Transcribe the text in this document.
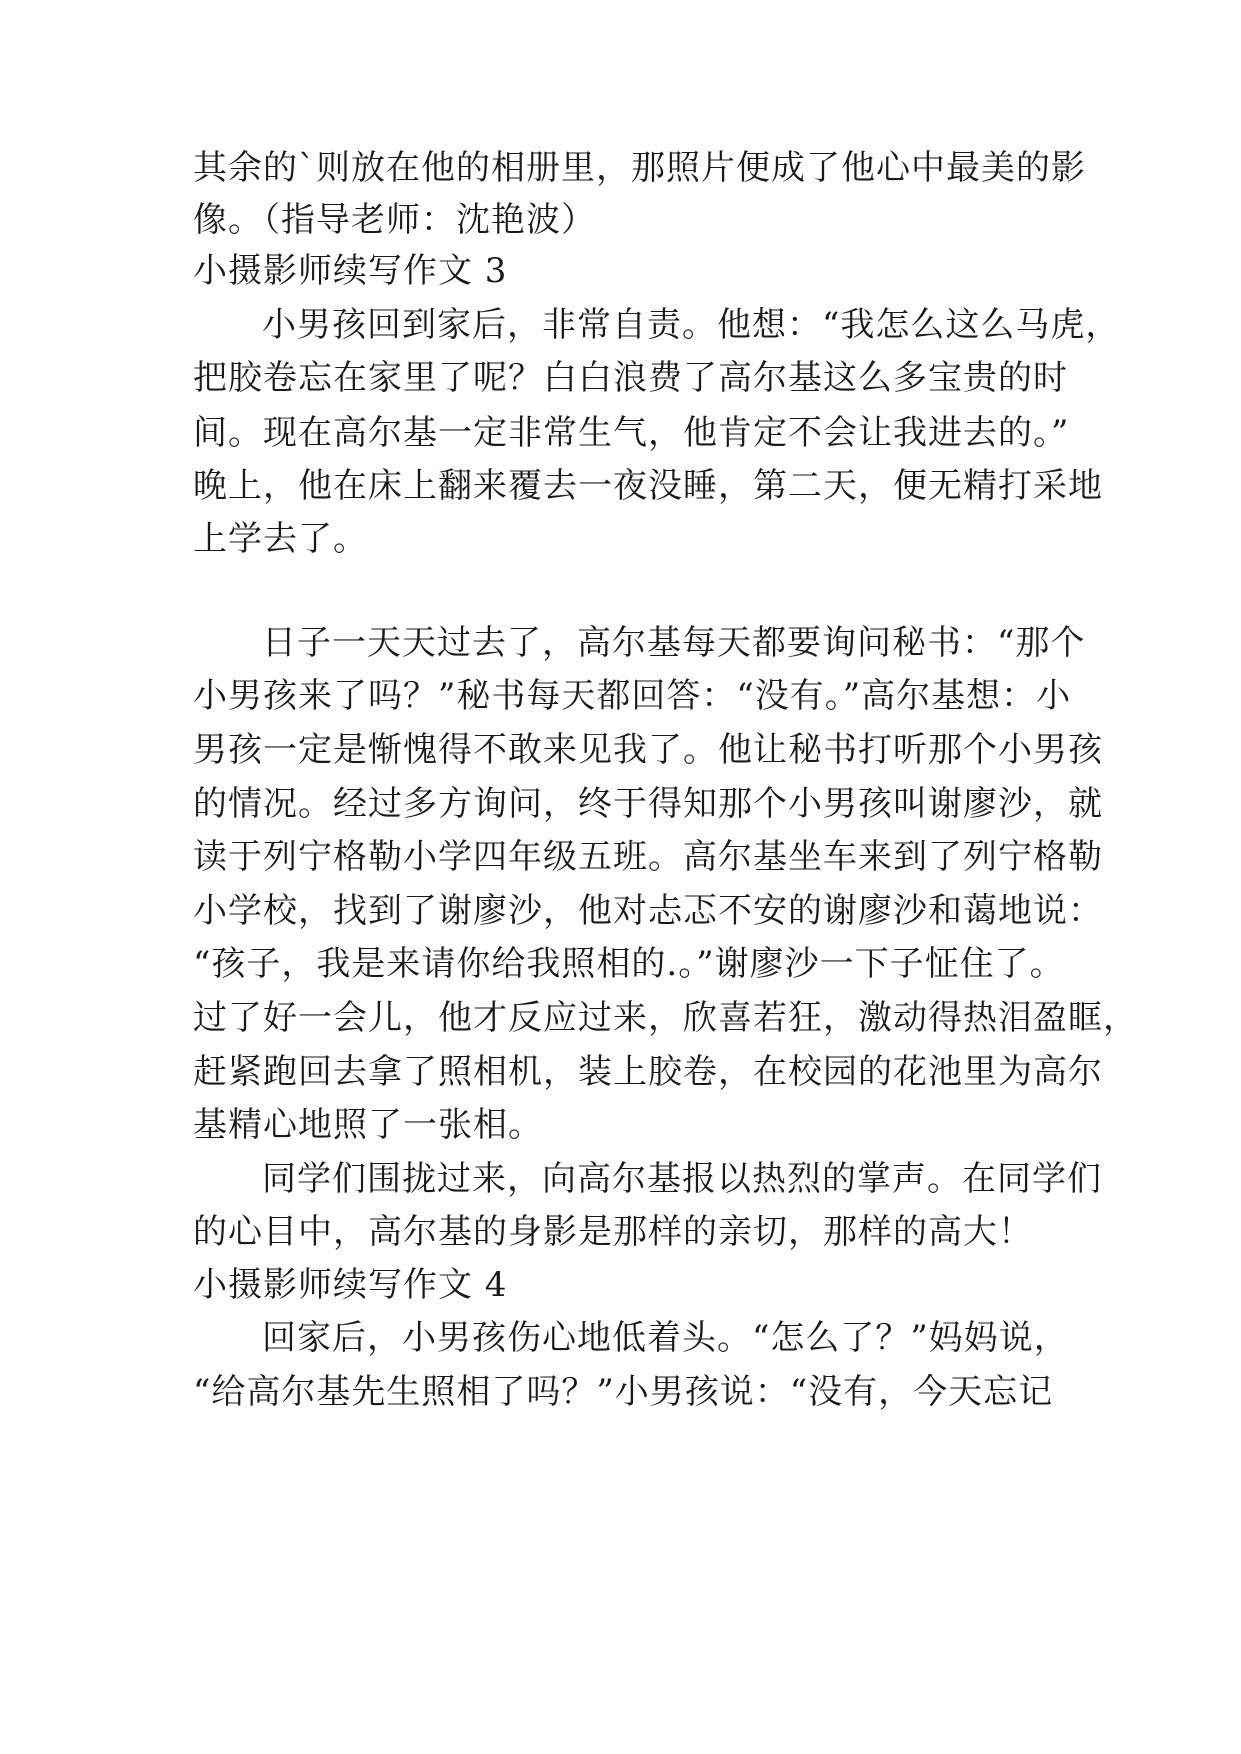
其余的`则放在他的相册里，那照片便成了他心中最美的影
像。（指导老师：沈艳波）
小摄影师续写作文 3
小男孩回到家后，非常自责。他想：“我怎么这么马虎，
把胶卷忘在家里了呢？白白浪费了高尔基这么多宝贵的时
间。现在高尔基一定非常生气，他肯定不会让我进去的。”
晚上，他在床上翻来覆去一夜没睡，第二天，便无精打采地
上学去了。
日子一天天过去了，高尔基每天都要询问秘书：“那个
小男孩来了吗？”秘书每天都回答：“没有。”高尔基想：小
男孩一定是惭愧得不敢来见我了。他让秘书打听那个小男孩
的情况。经过多方询问，终于得知那个小男孩叫谢廖沙，就
读于列宁格勒小学四年级五班。高尔基坐车来到了列宁格勒
小学校，找到了谢廖沙，他对忐忑不安的谢廖沙和蔼地说：
“孩子，我是来请你给我照相的.。”谢廖沙一下子怔住了。
过了好一会儿，他才反应过来，欣喜若狂，激动得热泪盈眶，
赶紧跑回去拿了照相机，装上胶卷，在校园的花池里为高尔
基精心地照了一张相。
同学们围拢过来，向高尔基报以热烈的掌声。在同学们
的心目中，高尔基的身影是那样的亲切，那样的高大！
小摄影师续写作文 4
回家后，小男孩伤心地低着头。“怎么了？”妈妈说，
“给高尔基先生照相了吗？”小男孩说：“没有，今天忘记
